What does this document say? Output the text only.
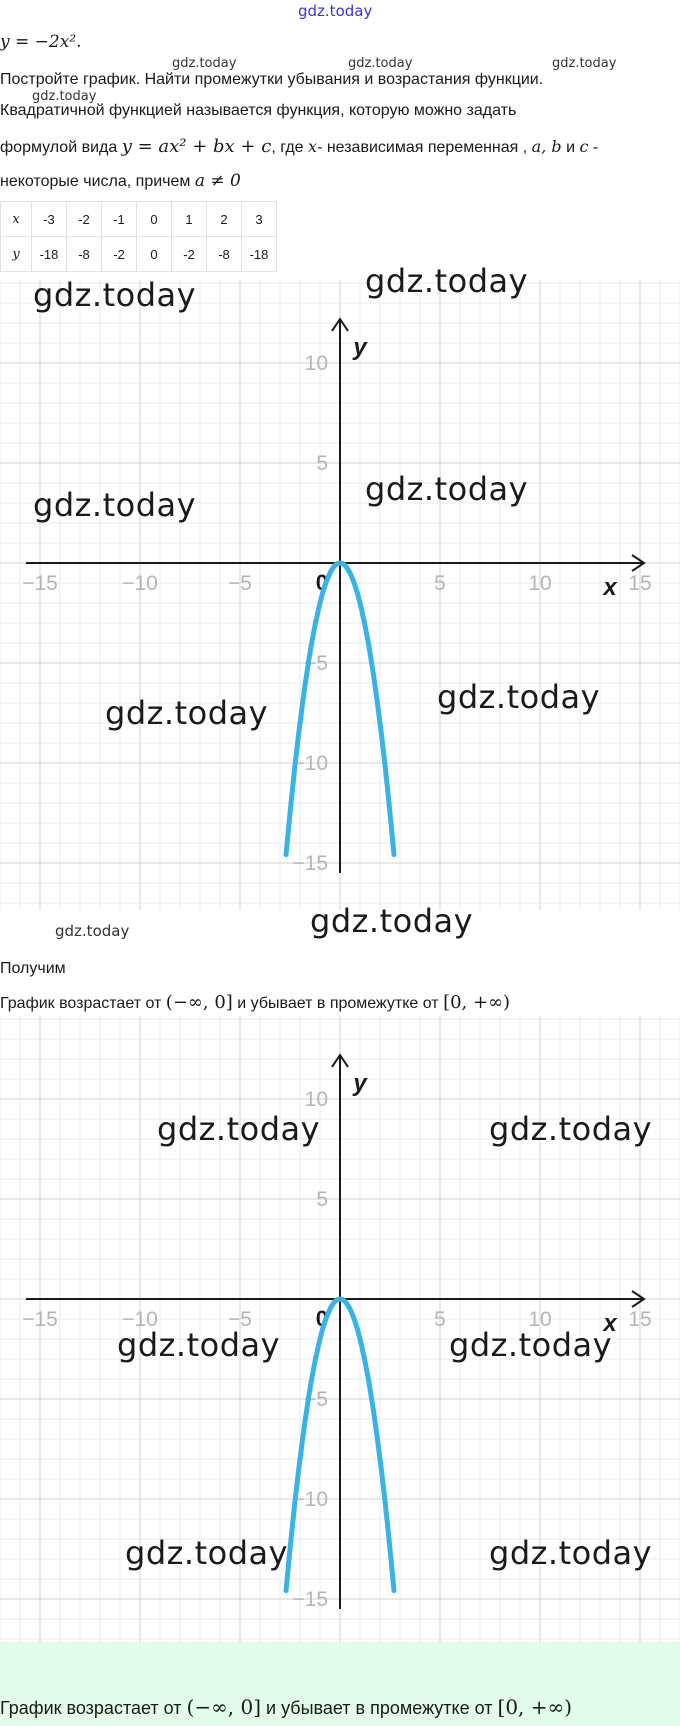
gdz.today
y = −2x².
gdz.today	gdz.today	gdz.today
gdz.today
Постройте график. Найти промежутки убывания и возрастания функции.
Квадратичной функцией называется функция, которую можно задать
формулой вида y = ax² + bx + c, где x- независимая переменная , a, b и c -
некоторые числа, причем a ≠ 0
x	-3	-2	-1	0	1	2	3
y	-18	-8	-2	0	-2	-8	-18
−15	−10	−5	5	10	15
10
5
−5
−10
−15
0	x
y
gdz.today	gdz.today
gdz.today	gdz.today
gdz.today	gdz.today
gdz.today	gdz.today
Получим
График возрастает от (−∞, 0] и убывает в промежутке от [0, +∞)
−15	−10	−5	5	10	15
10
5
−5
−10
−15
0	x
y
gdz.today	gdz.today
gdz.today	gdz.today
gdz.today	gdz.today
График возрастает от (−∞, 0] и убывает в промежутке от [0, +∞)
